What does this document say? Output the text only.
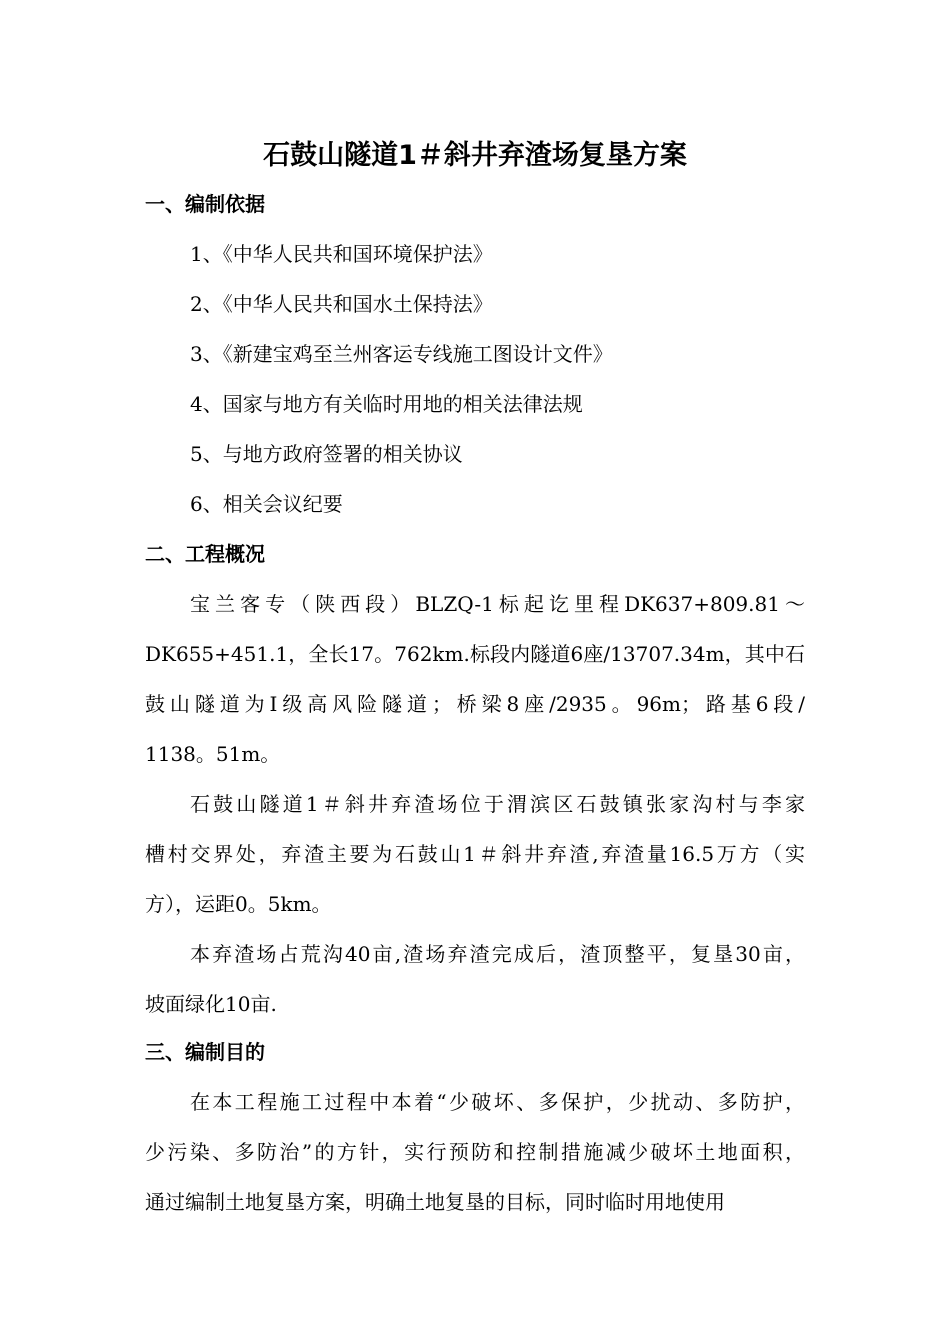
石鼓山隧道1＃斜井弃渣场复垦方案
一、编制依据
1、《中华人民共和国环境保护法》
2、《中华人民共和国水土保持法》
3、《新建宝鸡至兰州客运专线施工图设计文件》
4、国家与地方有关临时用地的相关法律法规
5、与地方政府签署的相关协议
6、相关会议纪要
二、工程概况
宝兰客专（陕西段）BLZQ-1标起讫里程DK637+809.81～
DK655+451.1，全长17。762km.标段内隧道6座/13707.34m，其中石
鼓山隧道为Ⅰ级高风险隧道；桥梁8座/2935。96m；路基6段/
1138。51m。
石鼓山隧道1＃斜井弃渣场位于渭滨区石鼓镇张家沟村与李家
槽村交界处，弃渣主要为石鼓山1＃斜井弃渣,弃渣量16.5万方（实
方），运距0。5km。
本弃渣场占荒沟40亩,渣场弃渣完成后，渣顶整平，复垦30亩，
坡面绿化10亩.
三、编制目的
在本工程施工过程中本着“少破坏、多保护，少扰动、多防护，
少污染、多防治”的方针，实行预防和控制措施减少破坏土地面积，
通过编制土地复垦方案，明确土地复垦的目标，同时临时用地使用
